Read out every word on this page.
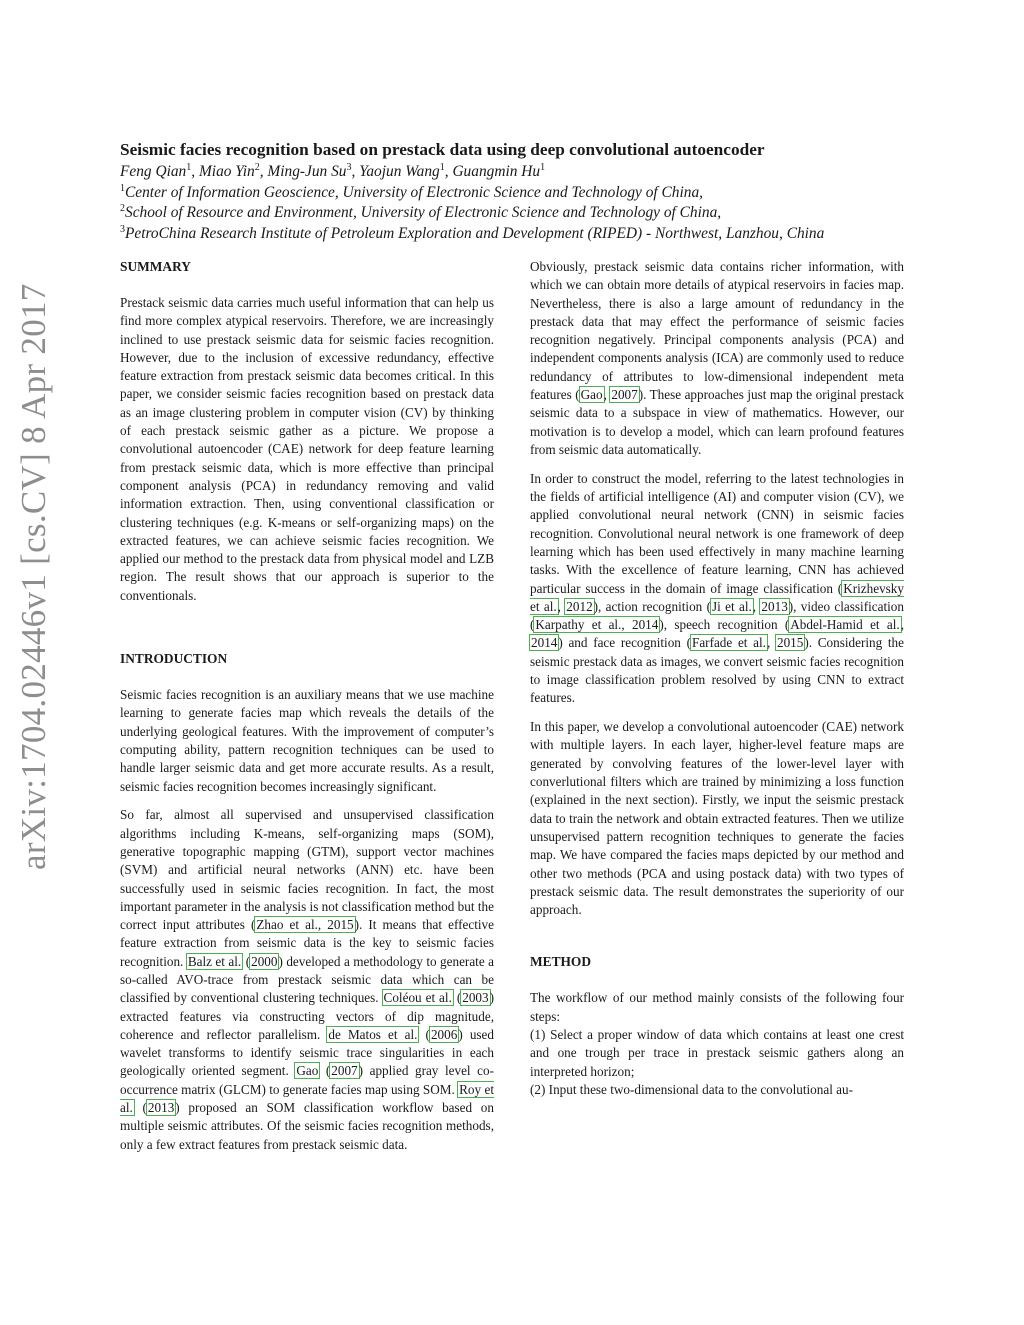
arXiv:1704.02446v1 [cs.CV] 8 Apr 2017
Seismic facies recognition based on prestack data using deep convolutional autoencoder
Feng Qian$^1$, Miao Yin$^2$, Ming-Jun Su$^3$, Yaojun Wang$^1$, Guangmin Hu$^1$
$^1$Center of Information Geoscience, University of Electronic Science and Technology of China,
$^2$School of Resource and Environment, University of Electronic Science and Technology of China,
$^3$PetroChina Research Institute of Petroleum Exploration and Development (RIPED) - Northwest, Lanzhou, China
SUMMARY

Prestack seismic data carries much useful information that can help us find more complex atypical reservoirs. Therefore, we are increasingly inclined to use prestack seismic data for seismic facies recognition. However, due to the inclusion of excessive redundancy, effective feature extraction from prestack seismic data becomes critical. In this paper, we consider seismic facies recognition based on prestack data as an image clustering problem in computer vision (CV) by thinking of each prestack seismic gather as a picture. We propose a convolutional autoencoder (CAE) network for deep feature learning from prestack seismic data, which is more effective than principal component analysis (PCA) in redundancy removing and valid information extraction. Then, using conventional classification or clustering techniques (e.g. K-means or self-organizing maps) on the extracted features, we can achieve seismic facies recognition. We applied our method to the prestack data from physical model and LZB region. The result shows that our approach is superior to the conventionals.

INTRODUCTION

Seismic facies recognition is an auxiliary means that we use machine learning to generate facies map which reveals the details of the underlying geological features. With the improvement of computer’s computing ability, pattern recognition techniques can be used to handle larger seismic data and get more accurate results. As a result, seismic facies recognition becomes increasingly significant.

So far, almost all supervised and unsupervised classification algorithms including K-means, self-organizing maps (SOM), generative topographic mapping (GTM), support vector machines (SVM) and artificial neural networks (ANN) etc. have been successfully used in seismic facies recognition. In fact, the most important parameter in the analysis is not classification method but the correct input attributes (Zhao et al., 2015). It means that effective feature extraction from seismic data is the key to seismic facies recognition. Balz et al. (2000) developed a methodology to generate a so-called AVO-trace from prestack seismic data which can be classified by conventional clustering techniques. Coléou et al. (2003) extracted features via constructing vectors of dip magnitude, coherence and reflector parallelism. de Matos et al. (2006) used wavelet transforms to identify seismic trace singularities in each geologically oriented segment. Gao (2007) applied gray level co-occurrence matrix (GLCM) to generate facies map using SOM. Roy et al. (2013) proposed an SOM classification workflow based on multiple seismic attributes. Of the seismic facies recognition methods, only a few extract features from prestack seismic data.

Obviously, prestack seismic data contains richer information, with which we can obtain more details of atypical reservoirs in facies map. Nevertheless, there is also a large amount of redundancy in the prestack data that may effect the performance of seismic facies recognition negatively. Principal components analysis (PCA) and independent components analysis (ICA) are commonly used to reduce redundancy of attributes to low-dimensional independent meta features (Gao, 2007). These approaches just map the original prestack seismic data to a subspace in view of mathematics. However, our motivation is to develop a model, which can learn profound features from seismic data automatically.

In order to construct the model, referring to the latest technologies in the fields of artificial intelligence (AI) and computer vision (CV), we applied convolutional neural network (CNN) in seismic facies recognition. Convolutional neural network is one framework of deep learning which has been used effectively in many machine learning tasks. With the excellence of feature learning, CNN has achieved particular success in the domain of image classification (Krizhevsky et al., 2012), action recognition (Ji et al., 2013), video classification (Karpathy et al., 2014), speech recognition (Abdel-Hamid et al., 2014) and face recognition (Farfade et al., 2015). Considering the seismic prestack data as images, we convert seismic facies recognition to image classification problem resolved by using CNN to extract features.

In this paper, we develop a convolutional autoencoder (CAE) network with multiple layers. In each layer, higher-level feature maps are generated by convolving features of the lower-level layer with converlutional filters which are trained by minimizing a loss function (explained in the next section). Firstly, we input the seismic prestack data to train the network and obtain extracted features. Then we utilize unsupervised pattern recognition techniques to generate the facies map. We have compared the facies maps depicted by our method and other two methods (PCA and using postack data) with two types of prestack seismic data. The result demonstrates the superiority of our approach.

METHOD

The workflow of our method mainly consists of the following four steps:

(1) Select a proper window of data which contains at least one crest and one trough per trace in prestack seismic gathers along an interpreted horizon;

(2) Input these two-dimensional data to the convolutional au-
